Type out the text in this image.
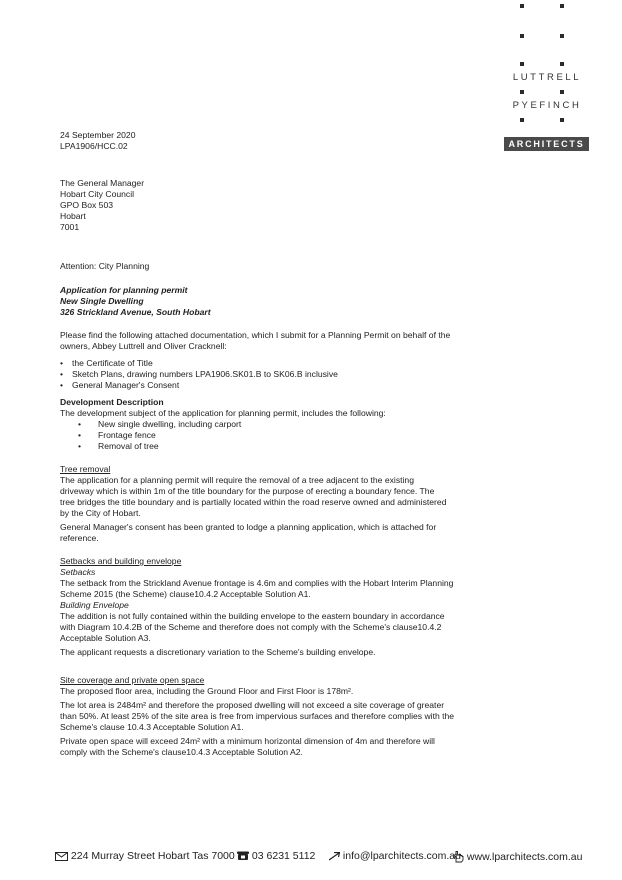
LUTTRELL
PYEFINCH
ARCHITECTS
24 September 2020
LPA1906/HCC.02
The General Manager
Hobart City Council
GPO Box 503
Hobart
7001
Attention: City Planning
Application for planning permit
New Single Dwelling
326 Strickland Avenue, South Hobart
Please find the following attached documentation, which I submit for a Planning Permit on behalf of the
owners, Abbey Luttrell and Oliver Cracknell:
• the Certificate of Title
• Sketch Plans, drawing numbers LPA1906.SK01.B to SK06.B inclusive
• General Manager's Consent
Development Description
The development subject of the application for planning permit, includes the following:
• New single dwelling, including carport
• Frontage fence
• Removal of tree
Tree removal
The application for a planning permit will require the removal of a tree adjacent to the existing
driveway which is within 1m of the title boundary for the purpose of erecting a boundary fence. The
tree bridges the title boundary and is partially located within the road reserve owned and administered
by the City of Hobart.
General Manager's consent has been granted to lodge a planning application, which is attached for
reference.
Setbacks and building envelope
Setbacks
The setback from the Strickland Avenue frontage is 4.6m and complies with the Hobart Interim Planning
Scheme 2015 (the Scheme) clause10.4.2 Acceptable Solution A1.
Building Envelope
The addition is not fully contained within the building envelope to the eastern boundary in accordance
with Diagram 10.4.2B of the Scheme and therefore does not comply with the Scheme's clause10.4.2
Acceptable Solution A3.
The applicant requests a discretionary variation to the Scheme's building envelope.
Site coverage and private open space
The proposed floor area, including the Ground Floor and First Floor is 178m².
The lot area is 2484m² and therefore the proposed dwelling will not exceed a site coverage of greater
than 50%. At least 25% of the site area is free from impervious surfaces and therefore complies with the
Scheme's clause 10.4.3 Acceptable Solution A1.
Private open space will exceed 24m² with a minimum horizontal dimension of 4m and therefore will
comply with the Scheme's clause10.4.3 Acceptable Solution A2.
224 Murray Street Hobart Tas 7000	03 6231 5112	info@lparchitects.com.au www.lparchitects.com.au
